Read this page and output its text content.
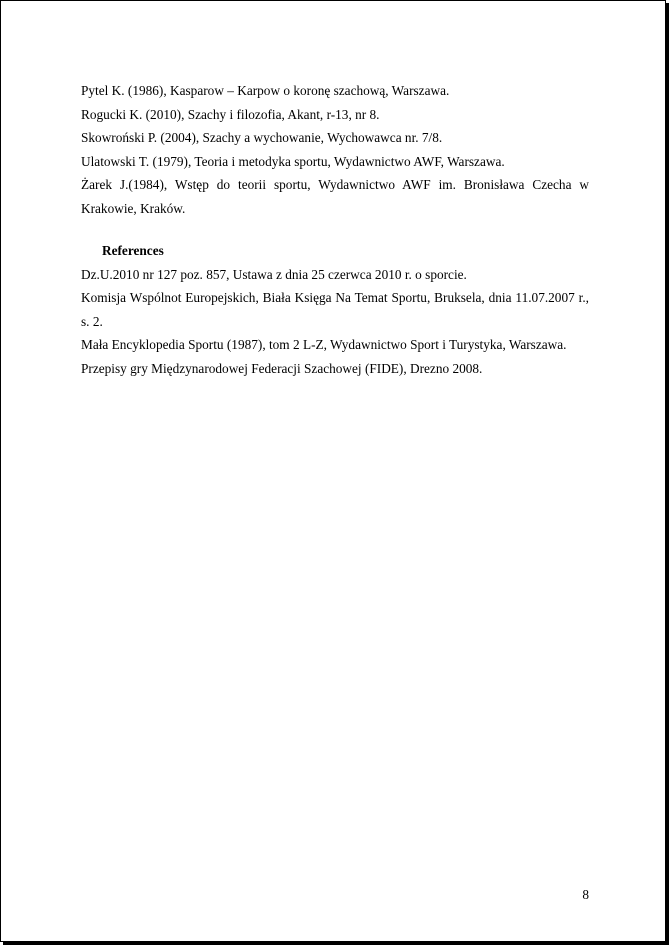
Pytel K. (1986), Kasparow – Karpow o koronę szachową, Warszawa.

Rogucki K. (2010), Szachy i filozofia, Akant, r-13, nr 8.

Skowroński P. (2004), Szachy a wychowanie, Wychowawca nr. 7/8.

Ulatowski T. (1979), Teoria i metodyka sportu, Wydawnictwo AWF, Warszawa.

Żarek J.(1984), Wstęp do teorii sportu, Wydawnictwo AWF im. Bronisława Czecha w Krakowie, Kraków.

References

Dz.U.2010 nr 127 poz. 857, Ustawa z dnia 25 czerwca 2010 r. o sporcie.

Komisja Wspólnot Europejskich, Biała Księga Na Temat Sportu, Bruksela, dnia 11.07.2007 r., s. 2.

Mała Encyklopedia Sportu (1987), tom 2 L-Z, Wydawnictwo Sport i Turystyka, Warszawa.

Przepisy gry Międzynarodowej Federacji Szachowej (FIDE), Drezno 2008.

8
